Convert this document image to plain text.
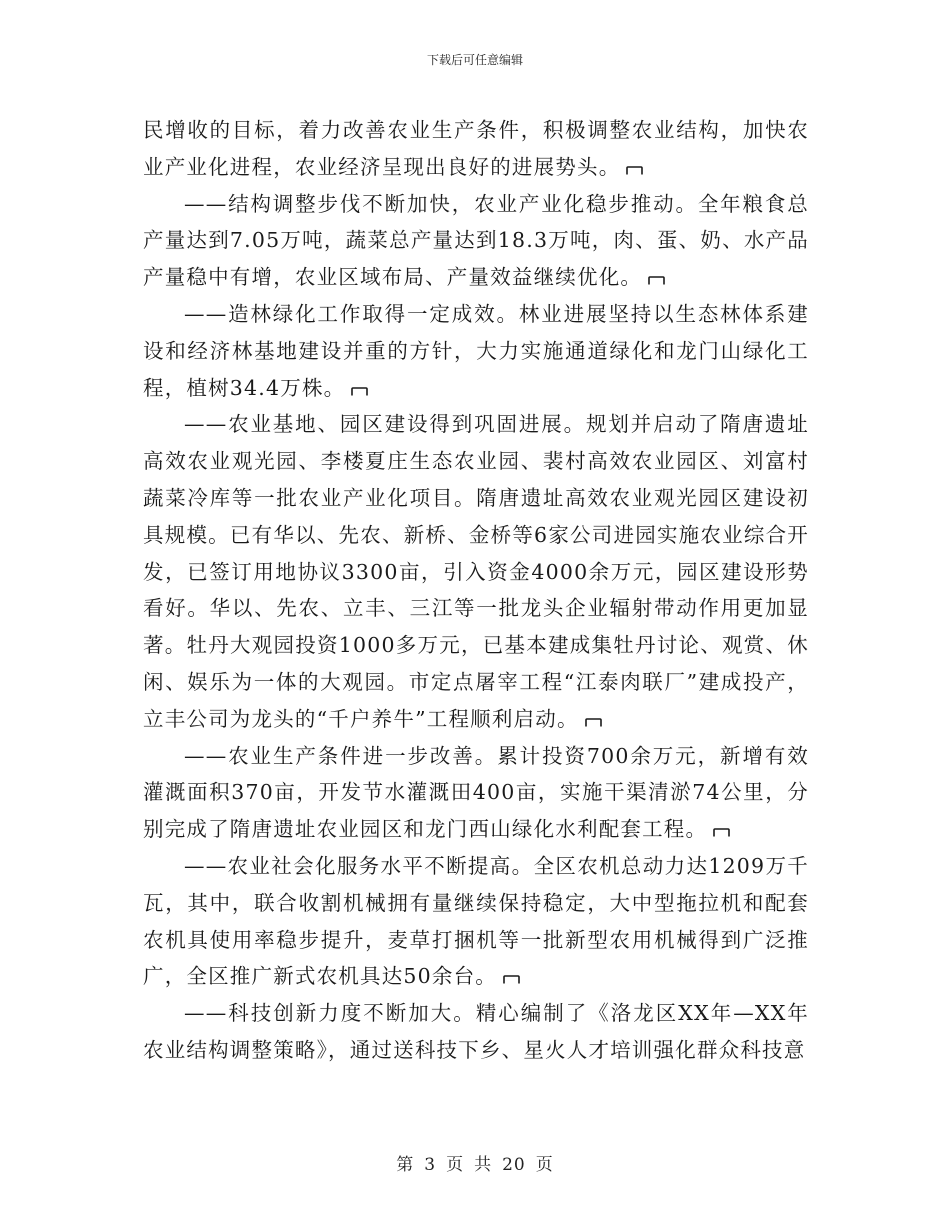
下载后可任意编辑

民增收的目标，着力改善农业生产条件，积极调整农业结构，加快农业产业化进程，农业经济呈现出良好的进展势头。

——结构调整步伐不断加快，农业产业化稳步推动。全年粮食总产量达到7.05万吨，蔬菜总产量达到18.3万吨，肉、蛋、奶、水产品产量稳中有增，农业区域布局、产量效益继续优化。

——造林绿化工作取得一定成效。林业进展坚持以生态林体系建设和经济林基地建设并重的方针，大力实施通道绿化和龙门山绿化工程，植树34.4万株。

——农业基地、园区建设得到巩固进展。规划并启动了隋唐遗址高效农业观光园、李楼夏庄生态农业园、裴村高效农业园区、刘富村蔬菜冷库等一批农业产业化项目。隋唐遗址高效农业观光园区建设初具规模。已有华以、先农、新桥、金桥等6家公司进园实施农业综合开发，已签订用地协议3300亩，引入资金4000余万元，园区建设形势看好。华以、先农、立丰、三江等一批龙头企业辐射带动作用更加显著。牡丹大观园投资1000多万元，已基本建成集牡丹讨论、观赏、休闲、娱乐为一体的大观园。市定点屠宰工程“江泰肉联厂”建成投产，立丰公司为龙头的“千户养牛”工程顺利启动。

——农业生产条件进一步改善。累计投资700余万元，新增有效灌溉面积370亩，开发节水灌溉田400亩，实施干渠清淤74公里，分别完成了隋唐遗址农业园区和龙门西山绿化水利配套工程。

——农业社会化服务水平不断提高。全区农机总动力达1209万千瓦，其中，联合收割机械拥有量继续保持稳定，大中型拖拉机和配套农机具使用率稳步提升，麦草打捆机等一批新型农用机械得到广泛推广，全区推广新式农机具达50余台。

——科技创新力度不断加大。精心编制了《洛龙区XX年—XX年农业结构调整策略》，通过送科技下乡、星火人才培训强化群众科技意

第 3 页 共 20 页
